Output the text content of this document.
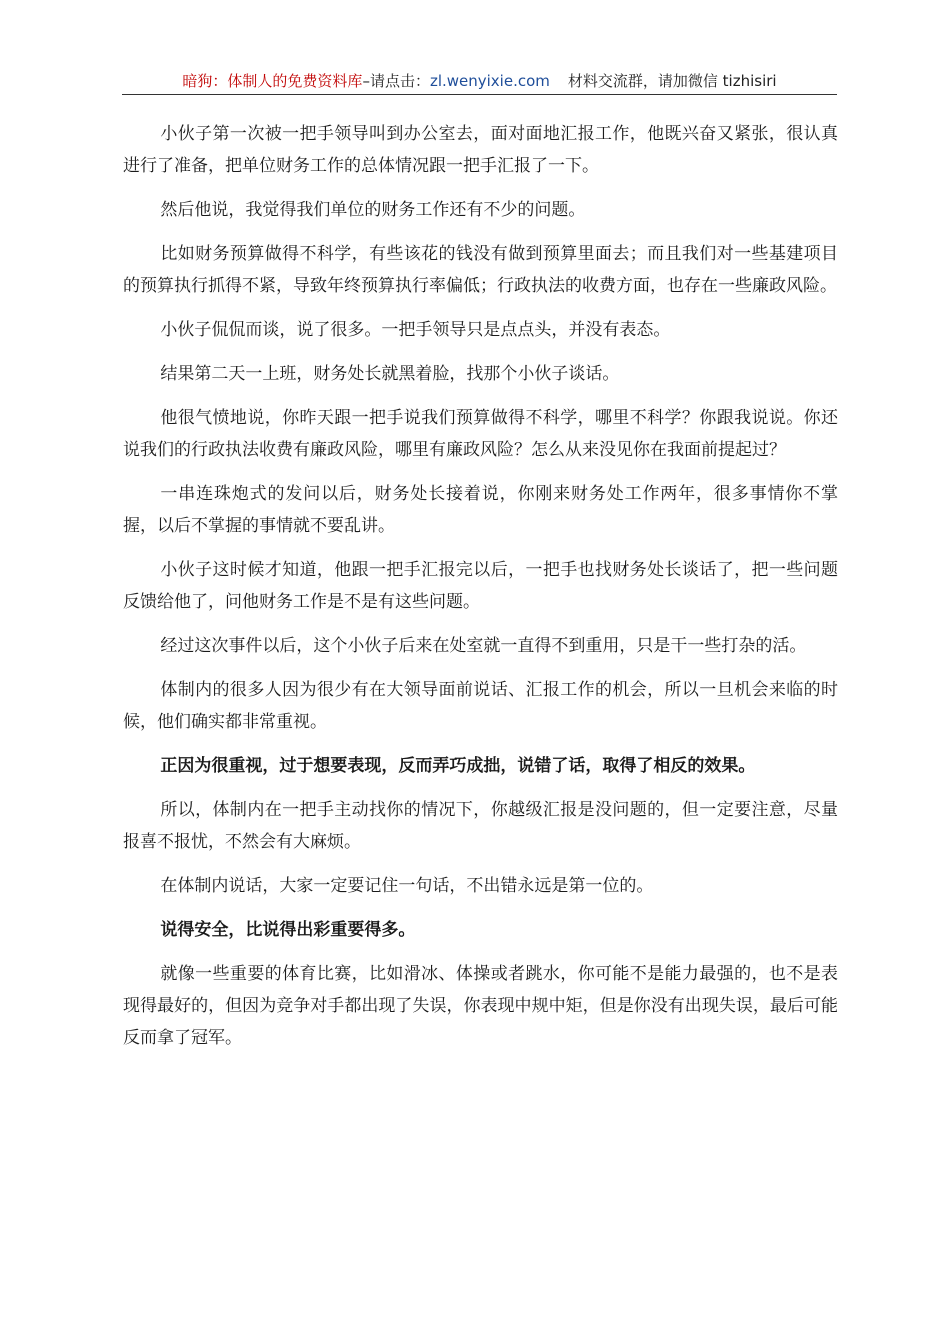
暗狗：体制人的免费资料库–请点击：zl.wenyixie.com 材料交流群，请加微信 tizhisiri

小伙子第一次被一把手领导叫到办公室去，面对面地汇报工作，他既兴奋又紧张，很认真进行了准备，把单位财务工作的总体情况跟一把手汇报了一下。

然后他说，我觉得我们单位的财务工作还有不少的问题。

比如财务预算做得不科学，有些该花的钱没有做到预算里面去；而且我们对一些基建项目的预算执行抓得不紧，导致年终预算执行率偏低；行政执法的收费方面，也存在一些廉政风险。

小伙子侃侃而谈，说了很多。一把手领导只是点点头，并没有表态。

结果第二天一上班，财务处长就黑着脸，找那个小伙子谈话。

他很气愤地说，你昨天跟一把手说我们预算做得不科学，哪里不科学？你跟我说说。你还说我们的行政执法收费有廉政风险，哪里有廉政风险？怎么从来没见你在我面前提起过？

一串连珠炮式的发问以后，财务处长接着说，你刚来财务处工作两年，很多事情你不掌握，以后不掌握的事情就不要乱讲。

小伙子这时候才知道，他跟一把手汇报完以后，一把手也找财务处长谈话了，把一些问题反馈给他了，问他财务工作是不是有这些问题。

经过这次事件以后，这个小伙子后来在处室就一直得不到重用，只是干一些打杂的活。

体制内的很多人因为很少有在大领导面前说话、汇报工作的机会，所以一旦机会来临的时候，他们确实都非常重视。

正因为很重视，过于想要表现，反而弄巧成拙，说错了话，取得了相反的效果。

所以，体制内在一把手主动找你的情况下，你越级汇报是没问题的，但一定要注意，尽量报喜不报忧，不然会有大麻烦。

在体制内说话，大家一定要记住一句话，不出错永远是第一位的。

说得安全，比说得出彩重要得多。

就像一些重要的体育比赛，比如滑冰、体操或者跳水，你可能不是能力最强的，也不是表现得最好的，但因为竞争对手都出现了失误，你表现中规中矩，但是你没有出现失误，最后可能反而拿了冠军。
